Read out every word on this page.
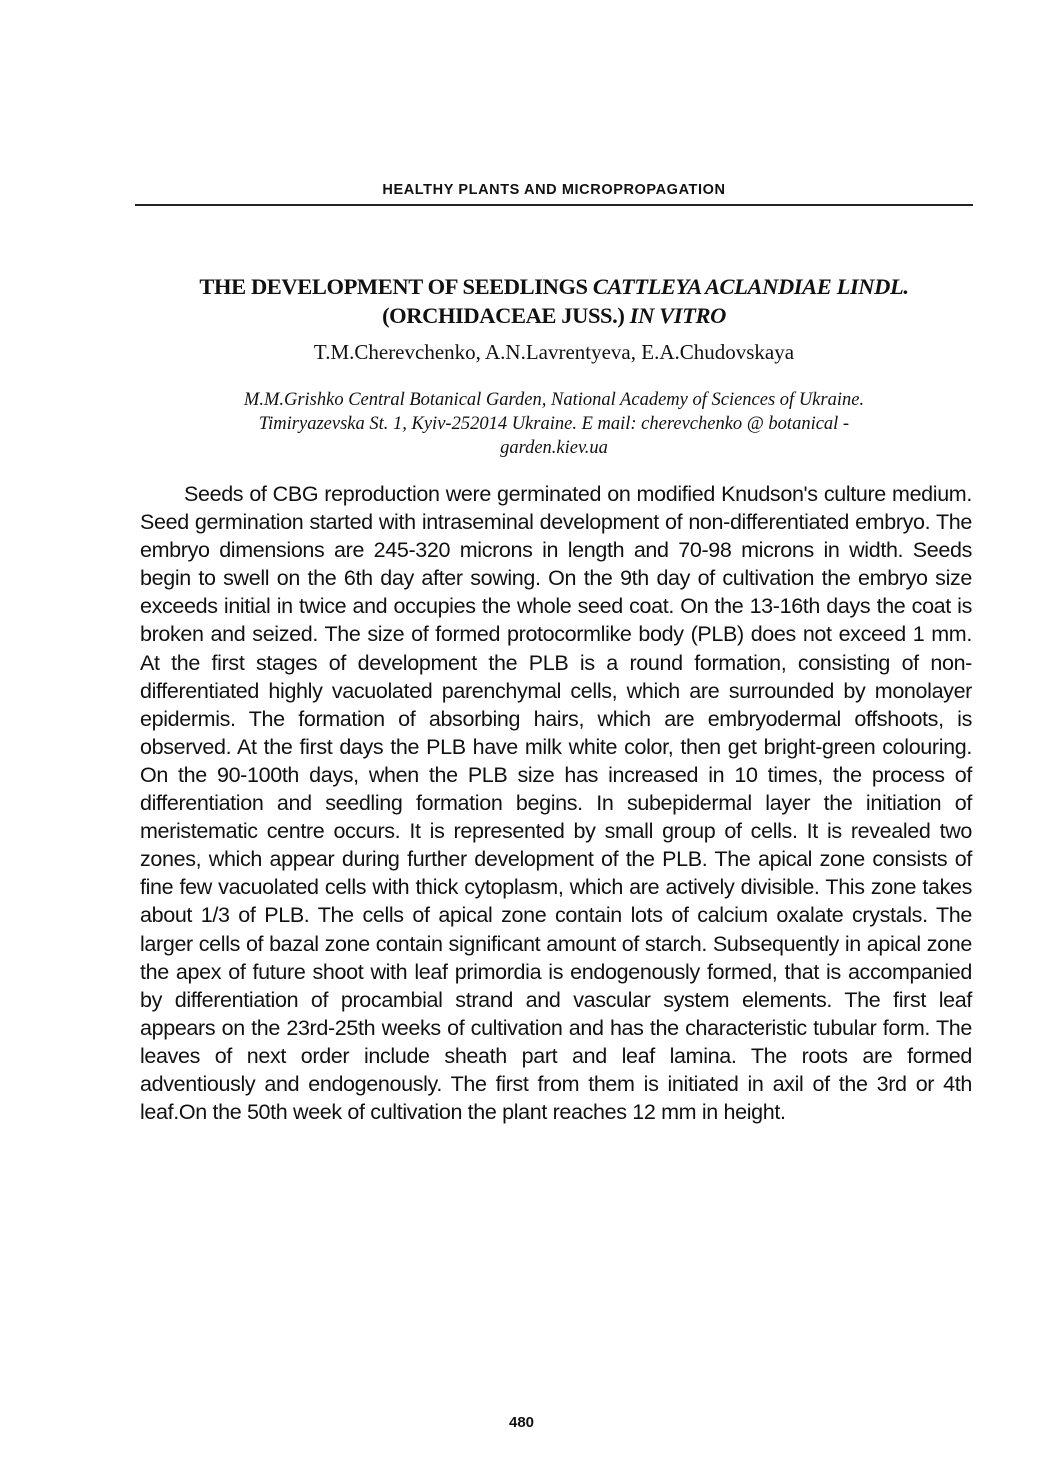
HEALTHY PLANTS AND MICROPROPAGATION
THE DEVELOPMENT OF SEEDLINGS CATTLEYA ACLANDIAE LINDL.
(ORCHIDACEAE JUSS.) IN VITRO
T.M.Cherevchenko, A.N.Lavrentyeva, E.A.Chudovskaya
M.M.Grishko Central Botanical Garden, National Academy of Sciences of Ukraine.
Timiryazevska St. 1, Kyiv-252014 Ukraine. E mail: cherevchenko @ botanical -
garden.kiev.ua

Seeds of CBG reproduction were germinated on modified Knudson's culture medium. Seed germination started with intraseminal development of non-differentiated embryo. The embryo dimensions are 245-320 microns in length and 70-98 microns in width. Seeds begin to swell on the 6th day after sowing. On the 9th day of cultivation the embryo size exceeds initial in twice and occupies the whole seed coat. On the 13-16th days the coat is broken and seized. The size of formed protocormlike body (PLB) does not exceed 1 mm. At the first stages of development the PLB is a round formation, consisting of non-differentiated highly vacuolated parenchymal cells, which are surrounded by monolayer epidermis. The formation of absorbing hairs, which are embryodermal offshoots, is observed. At the first days the PLB have milk white color, then get bright-green colouring. On the 90-100th days, when the PLB size has increased in 10 times, the process of differentiation and seedling formation begins. In subepidermal layer the initiation of meristematic centre occurs. It is represented by small group of cells. It is revealed two zones, which appear during further development of the PLB. The apical zone consists of fine few vacuolated cells with thick cytoplasm, which are actively divisible. This zone takes about 1/3 of PLB. The cells of apical zone contain lots of calcium oxalate crystals. The larger cells of bazal zone contain significant amount of starch. Subsequently in apical zone the apex of future shoot with leaf primordia is endogenously formed, that is accompanied by differentiation of procambial strand and vascular system elements. The first leaf appears on the 23rd-25th weeks of cultivation and has the characteristic tubular form. The leaves of next order include sheath part and leaf lamina. The roots are formed adventiously and endogenously. The first from them is initiated in axil of the 3rd or 4th leaf.On the 50th week of cultivation the plant reaches 12 mm in height.

480
